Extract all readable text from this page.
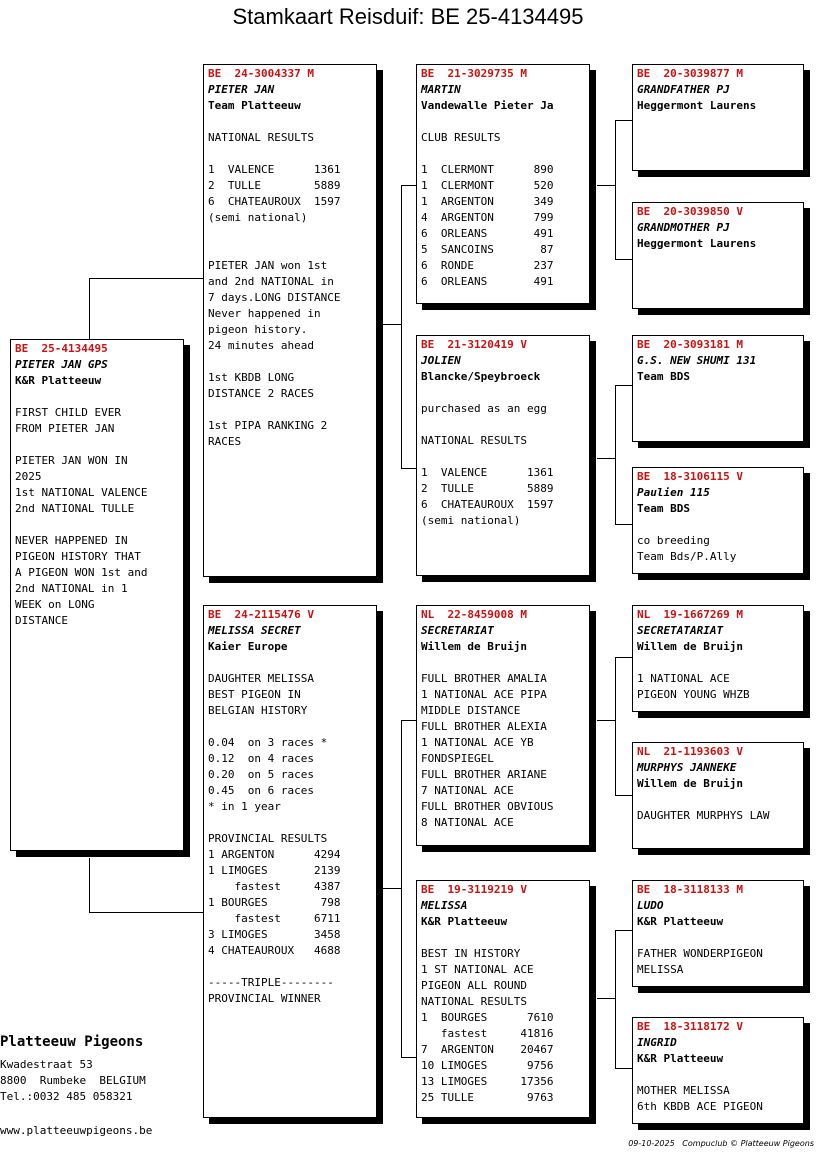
Stamkaart Reisduif: BE 25-4134495
BE  25-4134495
PIETER JAN GPS
K&R Platteeuw
FIRST CHILD EVER
FROM PIETER JAN
PIETER JAN WON IN
2025
1st NATIONAL VALENCE
2nd NATIONAL TULLE
NEVER HAPPENED IN
PIGEON HISTORY THAT
A PIGEON WON 1st and
2nd NATIONAL in 1
WEEK on LONG
DISTANCE
BE  24-3004337 M
PIETER JAN
Team Platteeuw
NATIONAL RESULTS
1  VALENCE      1361
2  TULLE        5889
6  CHATEAUROUX  1597
(semi national)
PIETER JAN won 1st
and 2nd NATIONAL in
7 days.LONG DISTANCE
Never happened in
pigeon history.
24 minutes ahead
1st KBDB LONG
DISTANCE 2 RACES
1st PIPA RANKING 2
RACES
BE  24-2115476 V
MELISSA SECRET
Kaier Europe
DAUGHTER MELISSA
BEST PIGEON IN
BELGIAN HISTORY
0.04  on 3 races *
0.12  on 4 races
0.20  on 5 races
0.45  on 6 races
* in 1 year
PROVINCIAL RESULTS
1 ARGENTON      4294
1 LIMOGES       2139
fastest     4387
1 BOURGES        798
fastest     6711
3 LIMOGES       3458
4 CHATEAUROUX   4688
-----TRIPLE--------
PROVINCIAL WINNER
BE  21-3029735 M
MARTIN
Vandewalle Pieter Ja
CLUB RESULTS
1  CLERMONT      890
1  CLERMONT      520
1  ARGENTON      349
4  ARGENTON      799
6  ORLEANS       491
5  SANCOINS       87
6  RONDE         237
6  ORLEANS       491
BE  21-3120419 V
JOLIEN
Blancke/Speybroeck
purchased as an egg
NATIONAL RESULTS
1  VALENCE      1361
2  TULLE        5889
6  CHATEAUROUX  1597
(semi national)
NL  22-8459008 M
SECRETARIAT
Willem de Bruijn
FULL BROTHER AMALIA
1 NATIONAL ACE PIPA
MIDDLE DISTANCE
FULL BROTHER ALEXIA
1 NATIONAL ACE YB
FONDSPIEGEL
FULL BROTHER ARIANE
7 NATIONAL ACE
FULL BROTHER OBVIOUS
8 NATIONAL ACE
BE  19-3119219 V
MELISSA
K&R Platteeuw
BEST IN HISTORY
1 ST NATIONAL ACE
PIGEON ALL ROUND
NATIONAL RESULTS
1  BOURGES      7610
fastest     41816
7  ARGENTON    20467
10 LIMOGES      9756
13 LIMOGES     17356
25 TULLE        9763
BE  20-3039877 M
GRANDFATHER PJ
Heggermont Laurens
BE  20-3039850 V
GRANDMOTHER PJ
Heggermont Laurens
BE  20-3093181 M
G.S. NEW SHUMI 131
Team BDS
BE  18-3106115 V
Paulien 115
Team BDS
co breeding
Team Bds/P.Ally
NL  19-1667269 M
SECRETATARIAT
Willem de Bruijn
1 NATIONAL ACE
PIGEON YOUNG WHZB
NL  21-1193603 V
MURPHYS JANNEKE
Willem de Bruijn
DAUGHTER MURPHYS LAW
BE  18-3118133 M
LUDO
K&R Platteeuw
FATHER WONDERPIGEON
MELISSA
BE  18-3118172 V
INGRID
K&R Platteeuw
MOTHER MELISSA
6th KBDB ACE PIGEON
Platteeuw Pigeons
Kwadestraat 53
8800  Rumbeke  BELGIUM
Tel.:0032 485 058321
www.platteeuwpigeons.be
09-10-2025   Compuclub © Platteeuw Pigeons
